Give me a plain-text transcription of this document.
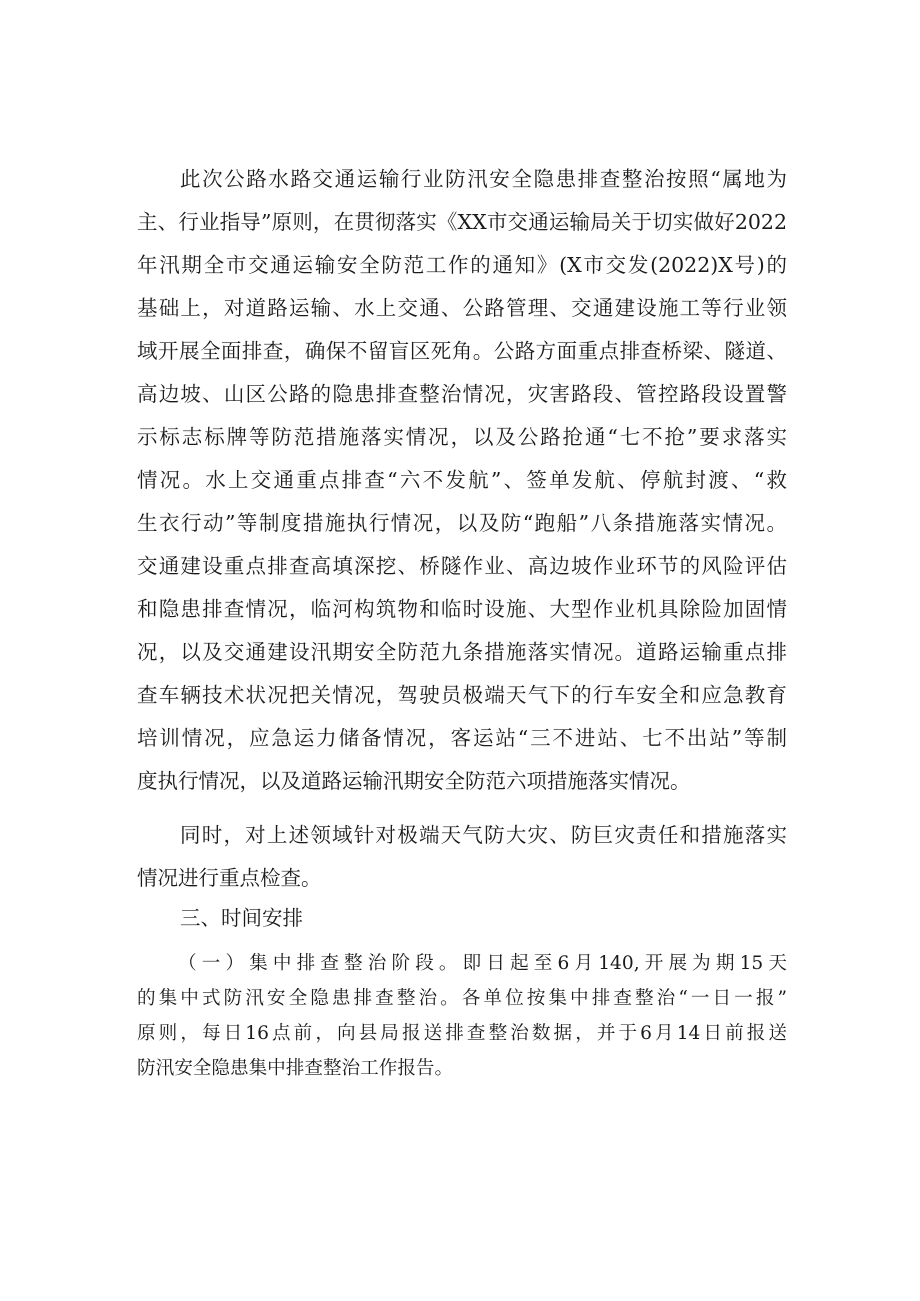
此次公路水路交通运输行业防汛安全隐患排查整治按照“属地为
主、行业指导”原则，在贯彻落实《XX市交通运输局关于切实做好2022
年汛期全市交通运输安全防范工作的通知》(X市交发(2022)X号)的
基础上，对道路运输、水上交通、公路管理、交通建设施工等行业领
域开展全面排查，确保不留盲区死角。公路方面重点排查桥梁、隧道、
高边坡、山区公路的隐患排查整治情况，灾害路段、管控路段设置警
示标志标牌等防范措施落实情况，以及公路抢通“七不抢”要求落实
情况。水上交通重点排查“六不发航”、签单发航、停航封渡、“救
生衣行动”等制度措施执行情况，以及防“跑船”八条措施落实情况。
交通建设重点排查高填深挖、桥隧作业、高边坡作业环节的风险评估
和隐患排查情况，临河构筑物和临时设施、大型作业机具除险加固情
况，以及交通建设汛期安全防范九条措施落实情况。道路运输重点排
查车辆技术状况把关情况，驾驶员极端天气下的行车安全和应急教育
培训情况，应急运力储备情况，客运站“三不进站、七不出站”等制
度执行情况，以及道路运输汛期安全防范六项措施落实情况。
同时，对上述领域针对极端天气防大灾、防巨灾责任和措施落实
情况进行重点检查。
三、时间安排
（一）集中排查整治阶段。即日起至6月140,开展为期15天
的集中式防汛安全隐患排查整治。各单位按集中排查整治“一日一报”
原则，每日16点前，向县局报送排查整治数据，并于6月14日前报送
防汛安全隐患集中排查整治工作报告。
